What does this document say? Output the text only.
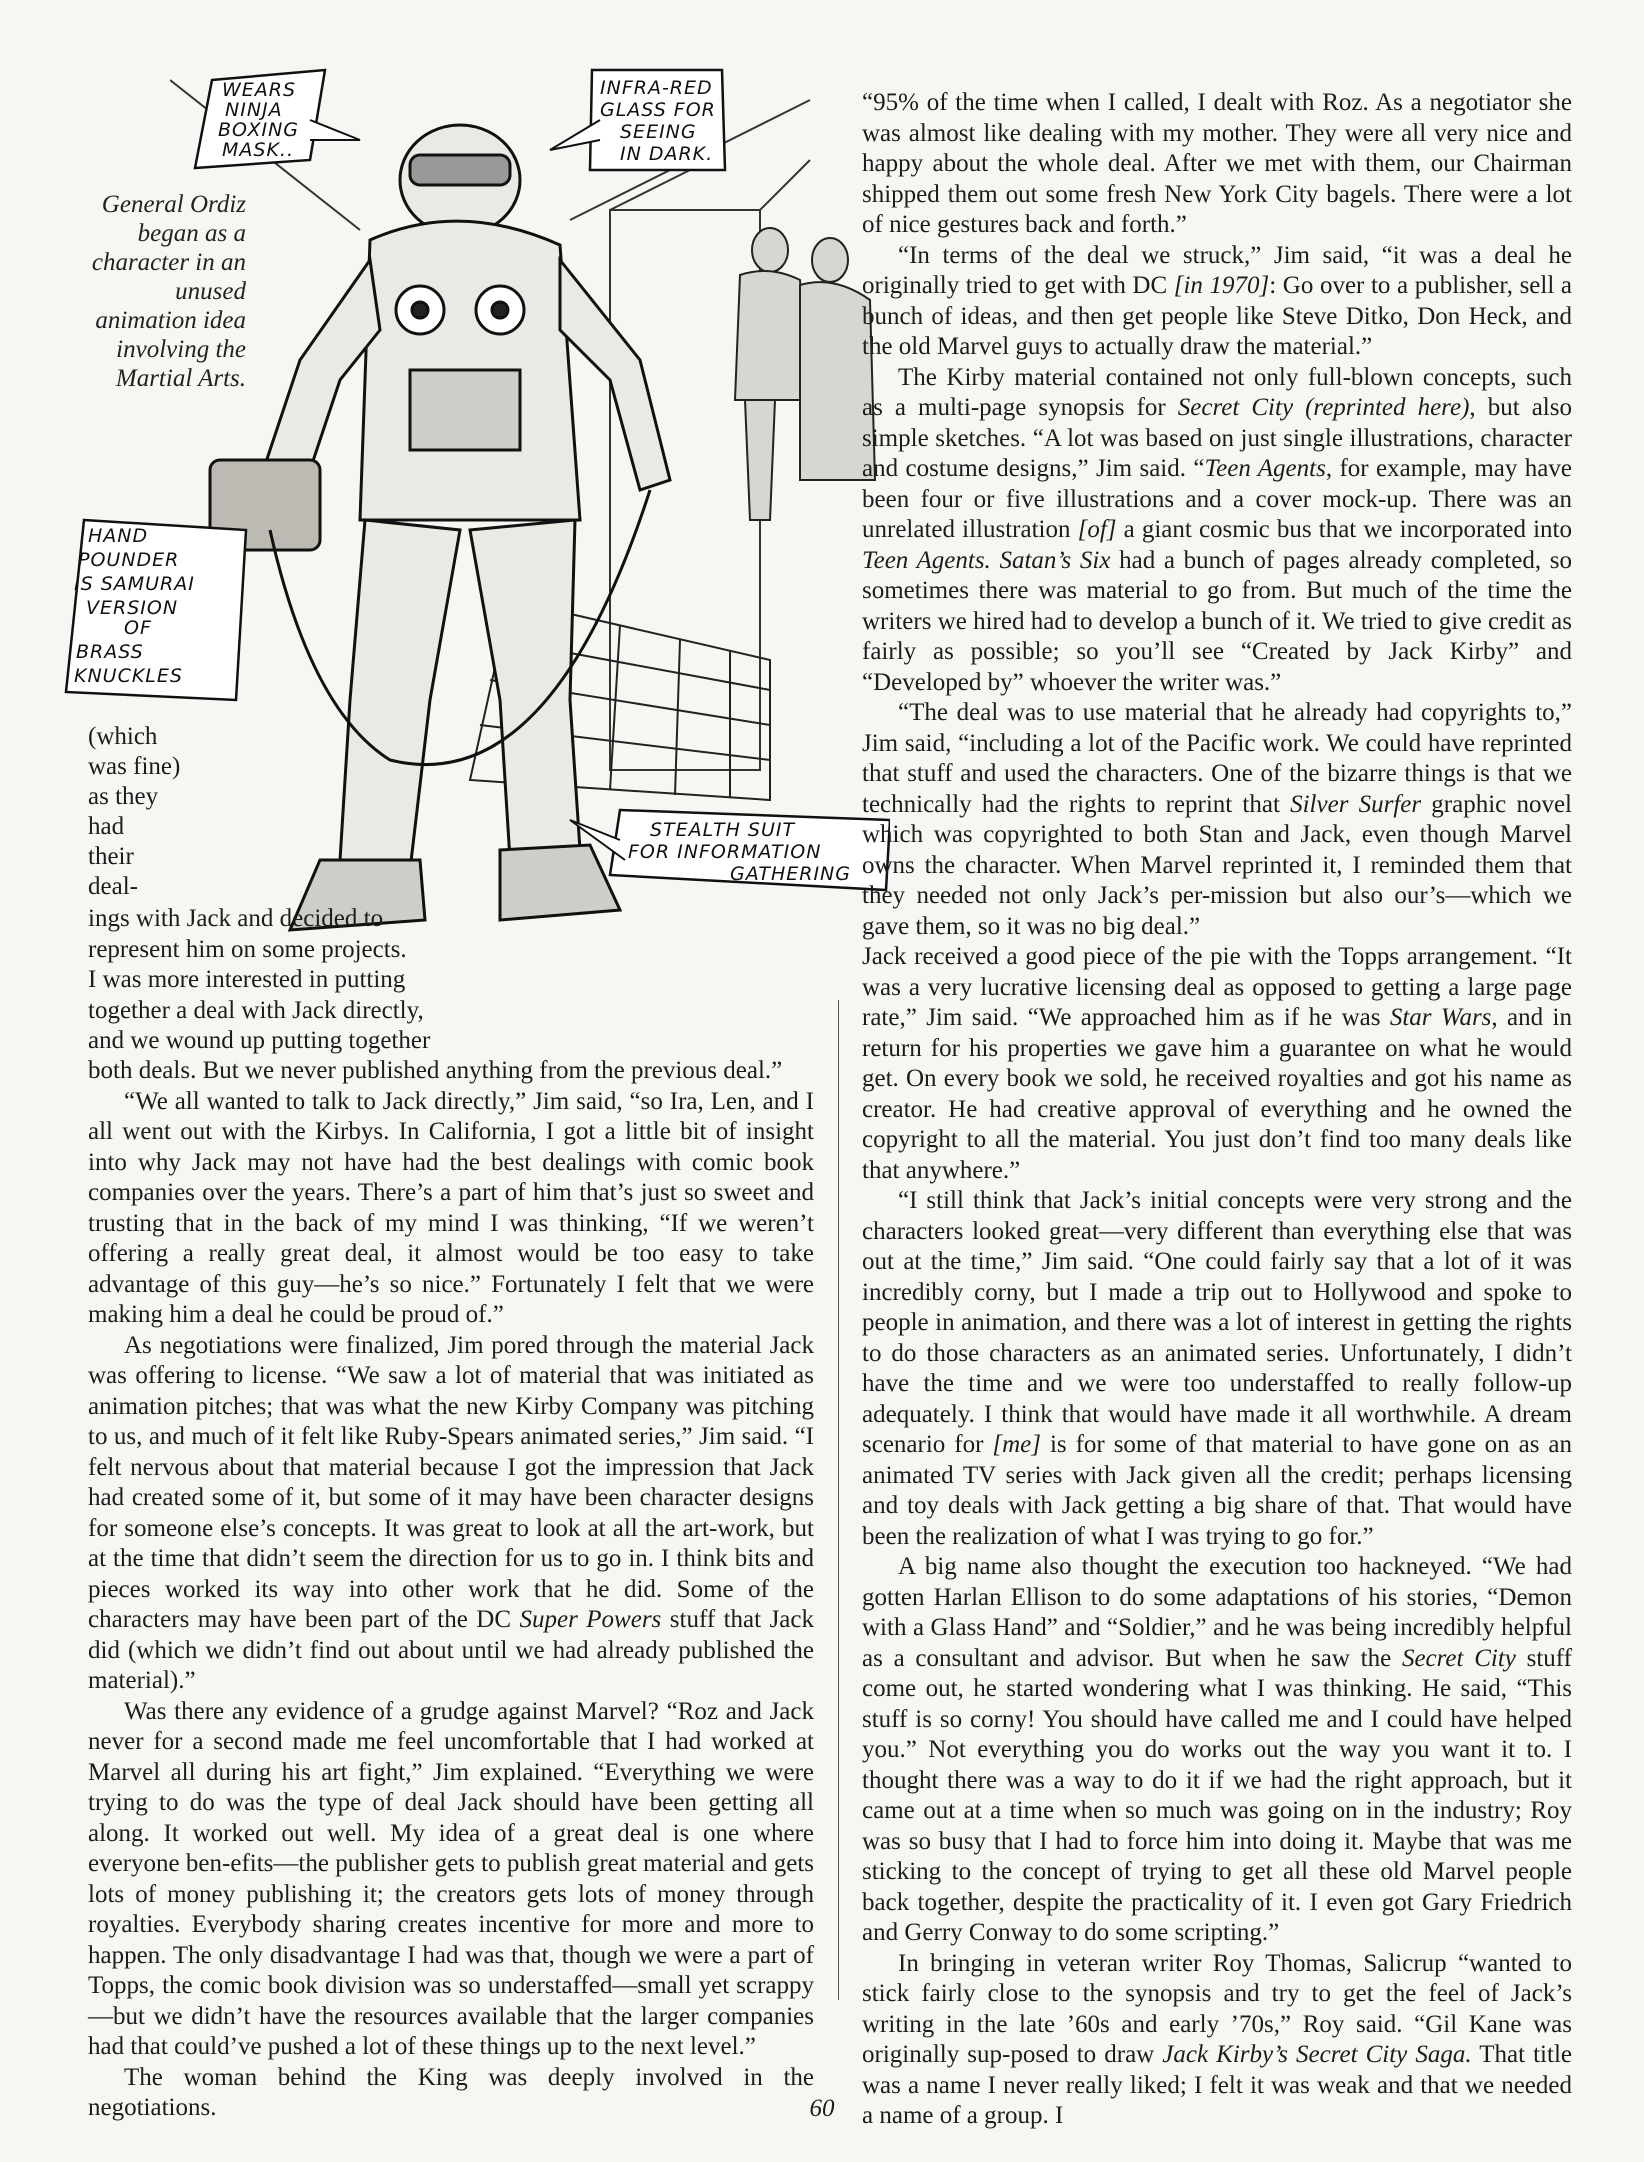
WEARS
NINJA
BOXING
MASK..
INFRA-RED
GLASS FOR
SEEING
IN DARK.
STEALTH SUIT
FOR INFORMATION
GATHERING
HAND
POUNDER
IS SAMURAI
VERSION
OF
BRASS
KNUCKLES
General Ordiz began as a character in an unused animation idea involving the Martial Arts.
(which
was fine)
as they
had
their
deal-
ings with Jack and decided to
represent him on some projects.
I was more interested in putting
together a deal with Jack directly,
and we wound up putting together

both deals. But we never published anything from the previous deal.”

“We all wanted to talk to Jack directly,” Jim said, “so Ira, Len, and I all went out with the Kirbys. In California, I got a little bit of insight into why Jack may not have had the best dealings with comic book companies over the years. There’s a part of him that’s just so sweet and trusting that in the back of my mind I was thinking, “If we weren’t offering a really great deal, it almost would be too easy to take advantage of this guy—he’s so nice.” Fortunately I felt that we were making him a deal he could be proud of.”

As negotiations were finalized, Jim pored through the material Jack was offering to license. “We saw a lot of material that was initiated as animation pitches; that was what the new Kirby Company was pitching to us, and much of it felt like Ruby-Spears animated series,” Jim said. “I felt nervous about that material because I got the impression that Jack had created some of it, but some of it may have been character designs for someone else’s concepts. It was great to look at all the art-work, but at the time that didn’t seem the direction for us to go in. I think bits and pieces worked its way into other work that he did. Some of the characters may have been part of the DC Super Powers stuff that Jack did (which we didn’t find out about until we had already published the material).”

Was there any evidence of a grudge against Marvel? “Roz and Jack never for a second made me feel uncomfortable that I had worked at Marvel all during his art fight,” Jim explained. “Everything we were trying to do was the type of deal Jack should have been getting all along. It worked out well. My idea of a great deal is one where everyone ben-efits—the publisher gets to publish great material and gets lots of money publishing it; the creators gets lots of money through royalties. Everybody sharing creates incentive for more and more to happen. The only disadvantage I had was that, though we were a part of Topps, the comic book division was so understaffed—small yet scrappy—but we didn’t have the resources available that the larger companies had that could’ve pushed a lot of these things up to the next level.”

The woman behind the King was deeply involved in the negotiations.

“95% of the time when I called, I dealt with Roz. As a negotiator she was almost like dealing with my mother. They were all very nice and happy about the whole deal. After we met with them, our Chairman shipped them out some fresh New York City bagels. There were a lot of nice gestures back and forth.”

“In terms of the deal we struck,” Jim said, “it was a deal he originally tried to get with DC [in 1970]: Go over to a publisher, sell a bunch of ideas, and then get people like Steve Ditko, Don Heck, and the old Marvel guys to actually draw the material.”

The Kirby material contained not only full-blown concepts, such as a multi-page synopsis for Secret City (reprinted here), but also simple sketches. “A lot was based on just single illustrations, character and costume designs,” Jim said. “Teen Agents, for example, may have been four or five illustrations and a cover mock-up. There was an unrelated illustration [of] a giant cosmic bus that we incorporated into Teen Agents. Satan’s Six had a bunch of pages already completed, so sometimes there was material to go from. But much of the time the writers we hired had to develop a bunch of it. We tried to give credit as fairly as possible; so you’ll see “Created by Jack Kirby” and “Developed by” whoever the writer was.”

“The deal was to use material that he already had copyrights to,” Jim said, “including a lot of the Pacific work. We could have reprinted that stuff and used the characters. One of the bizarre things is that we technically had the rights to reprint that Silver Surfer graphic novel which was copyrighted to both Stan and Jack, even though Marvel owns the character. When Marvel reprinted it, I reminded them that they needed not only Jack’s per-mission but also our’s—which we gave them, so it was no big deal.”

Jack received a good piece of the pie with the Topps arrangement. “It was a very lucrative licensing deal as opposed to getting a large page rate,” Jim said. “We approached him as if he was Star Wars, and in return for his properties we gave him a guarantee on what he would get. On every book we sold, he received royalties and got his name as creator. He had creative approval of everything and he owned the copyright to all the material. You just don’t find too many deals like that anywhere.”

“I still think that Jack’s initial concepts were very strong and the characters looked great—very different than everything else that was out at the time,” Jim said. “One could fairly say that a lot of it was incredibly corny, but I made a trip out to Hollywood and spoke to people in animation, and there was a lot of interest in getting the rights to do those characters as an animated series. Unfortunately, I didn’t have the time and we were too understaffed to really follow-up adequately. I think that would have made it all worthwhile. A dream scenario for [me] is for some of that material to have gone on as an animated TV series with Jack given all the credit; perhaps licensing and toy deals with Jack getting a big share of that. That would have been the realization of what I was trying to go for.”

A big name also thought the execution too hackneyed. “We had gotten Harlan Ellison to do some adaptations of his stories, “Demon with a Glass Hand” and “Soldier,” and he was being incredibly helpful as a consultant and advisor. But when he saw the Secret City stuff come out, he started wondering what I was thinking. He said, “This stuff is so corny! You should have called me and I could have helped you.” Not everything you do works out the way you want it to. I thought there was a way to do it if we had the right approach, but it came out at a time when so much was going on in the industry; Roy was so busy that I had to force him into doing it. Maybe that was me sticking to the concept of trying to get all these old Marvel people back together, despite the practicality of it. I even got Gary Friedrich and Gerry Conway to do some scripting.”

In bringing in veteran writer Roy Thomas, Salicrup “wanted to stick fairly close to the synopsis and try to get the feel of Jack’s writing in the late ’60s and early ’70s,” Roy said. “Gil Kane was originally sup-posed to draw Jack Kirby’s Secret City Saga. That title was a name I never really liked; I felt it was weak and that we needed a name of a group. I

60
